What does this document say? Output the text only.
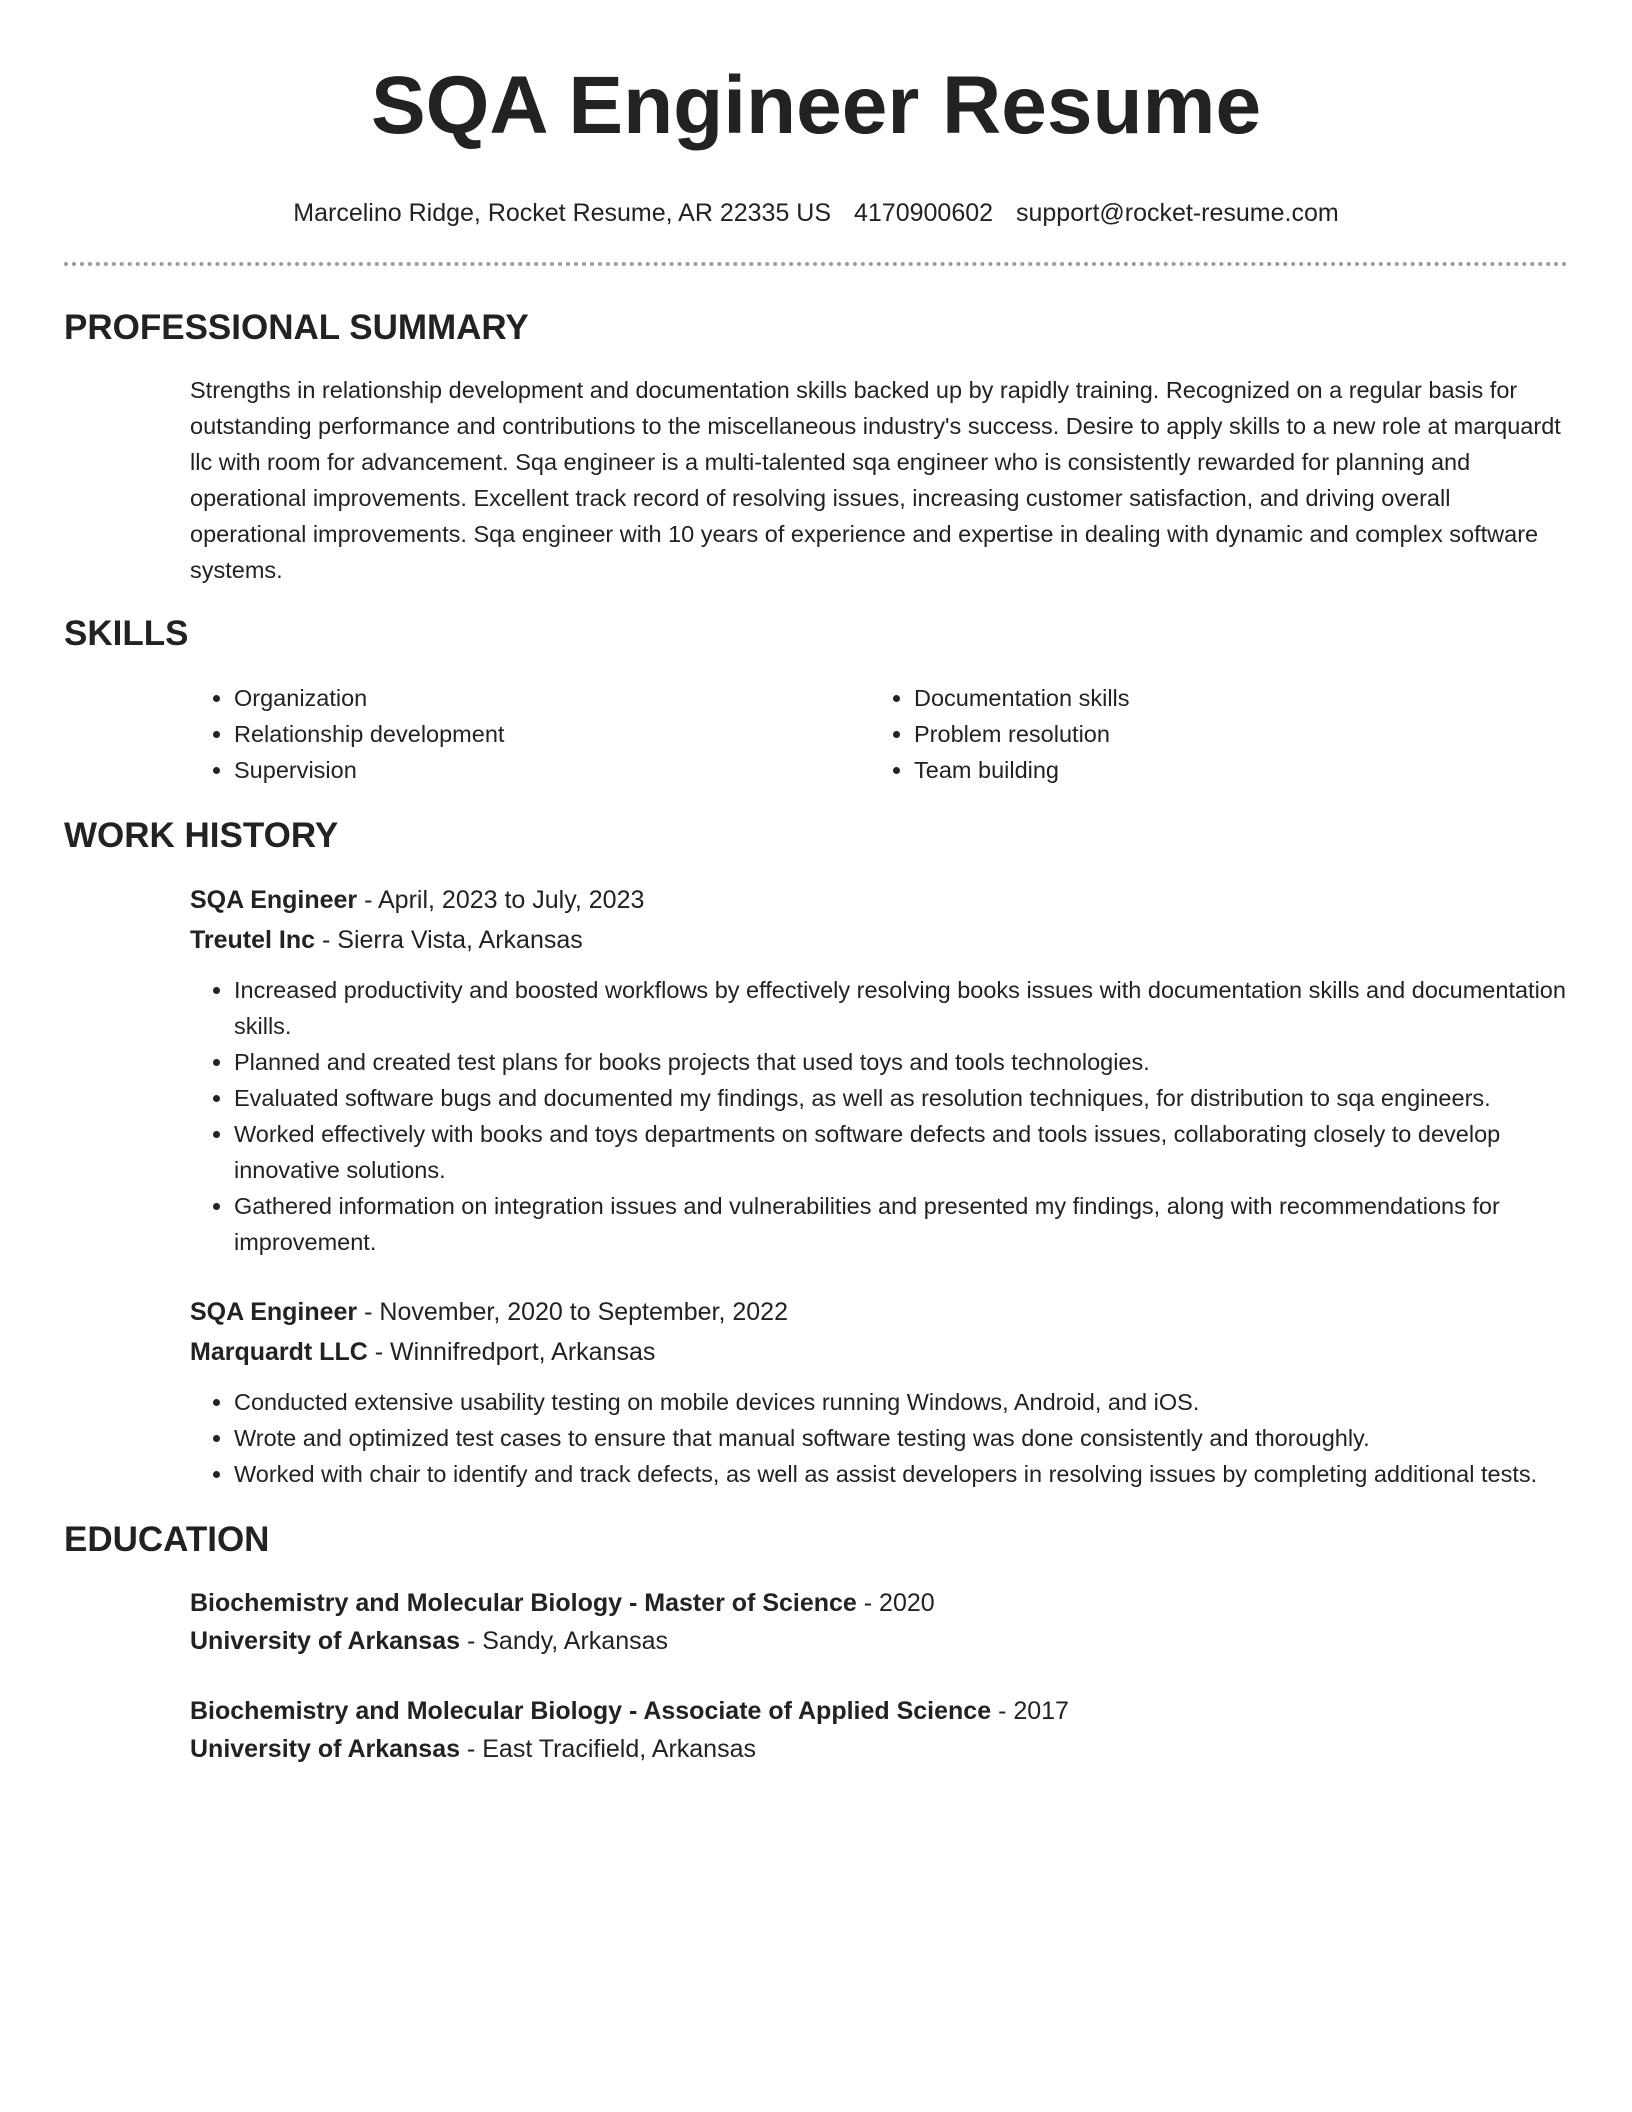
SQA Engineer Resume
Marcelino Ridge, Rocket Resume, AR 22335 US 4170900602 support@rocket-resume.com
PROFESSIONAL SUMMARY

Strengths in relationship development and documentation skills backed up by rapidly training. Recognized on a regular basis for outstanding performance and contributions to the miscellaneous industry's success. Desire to apply skills to a new role at marquardt llc with room for advancement. Sqa engineer is a multi-talented sqa engineer who is consistently rewarded for planning and operational improvements. Excellent track record of resolving issues, increasing customer satisfaction, and driving overall operational improvements. Sqa engineer with 10 years of experience and expertise in dealing with dynamic and complex software systems.

SKILLS
• Organization
• Relationship development
• Supervision
• Documentation skills
• Problem resolution
• Team building
WORK HISTORY

SQA Engineer - April, 2023 to July, 2023

Treutel Inc - Sierra Vista, Arkansas

• Increased productivity and boosted workflows by effectively resolving books issues with documentation skills and documentation skills.
• Planned and created test plans for books projects that used toys and tools technologies.
• Evaluated software bugs and documented my findings, as well as resolution techniques, for distribution to sqa engineers.
• Worked effectively with books and toys departments on software defects and tools issues, collaborating closely to develop innovative solutions.
• Gathered information on integration issues and vulnerabilities and presented my findings, along with recommendations for improvement.

SQA Engineer - November, 2020 to September, 2022

Marquardt LLC - Winnifredport, Arkansas

• Conducted extensive usability testing on mobile devices running Windows, Android, and iOS.
• Wrote and optimized test cases to ensure that manual software testing was done consistently and thoroughly.
• Worked with chair to identify and track defects, as well as assist developers in resolving issues by completing additional tests.
EDUCATION

Biochemistry and Molecular Biology - Master of Science - 2020

University of Arkansas - Sandy, Arkansas

Biochemistry and Molecular Biology - Associate of Applied Science - 2017

University of Arkansas - East Tracifield, Arkansas
